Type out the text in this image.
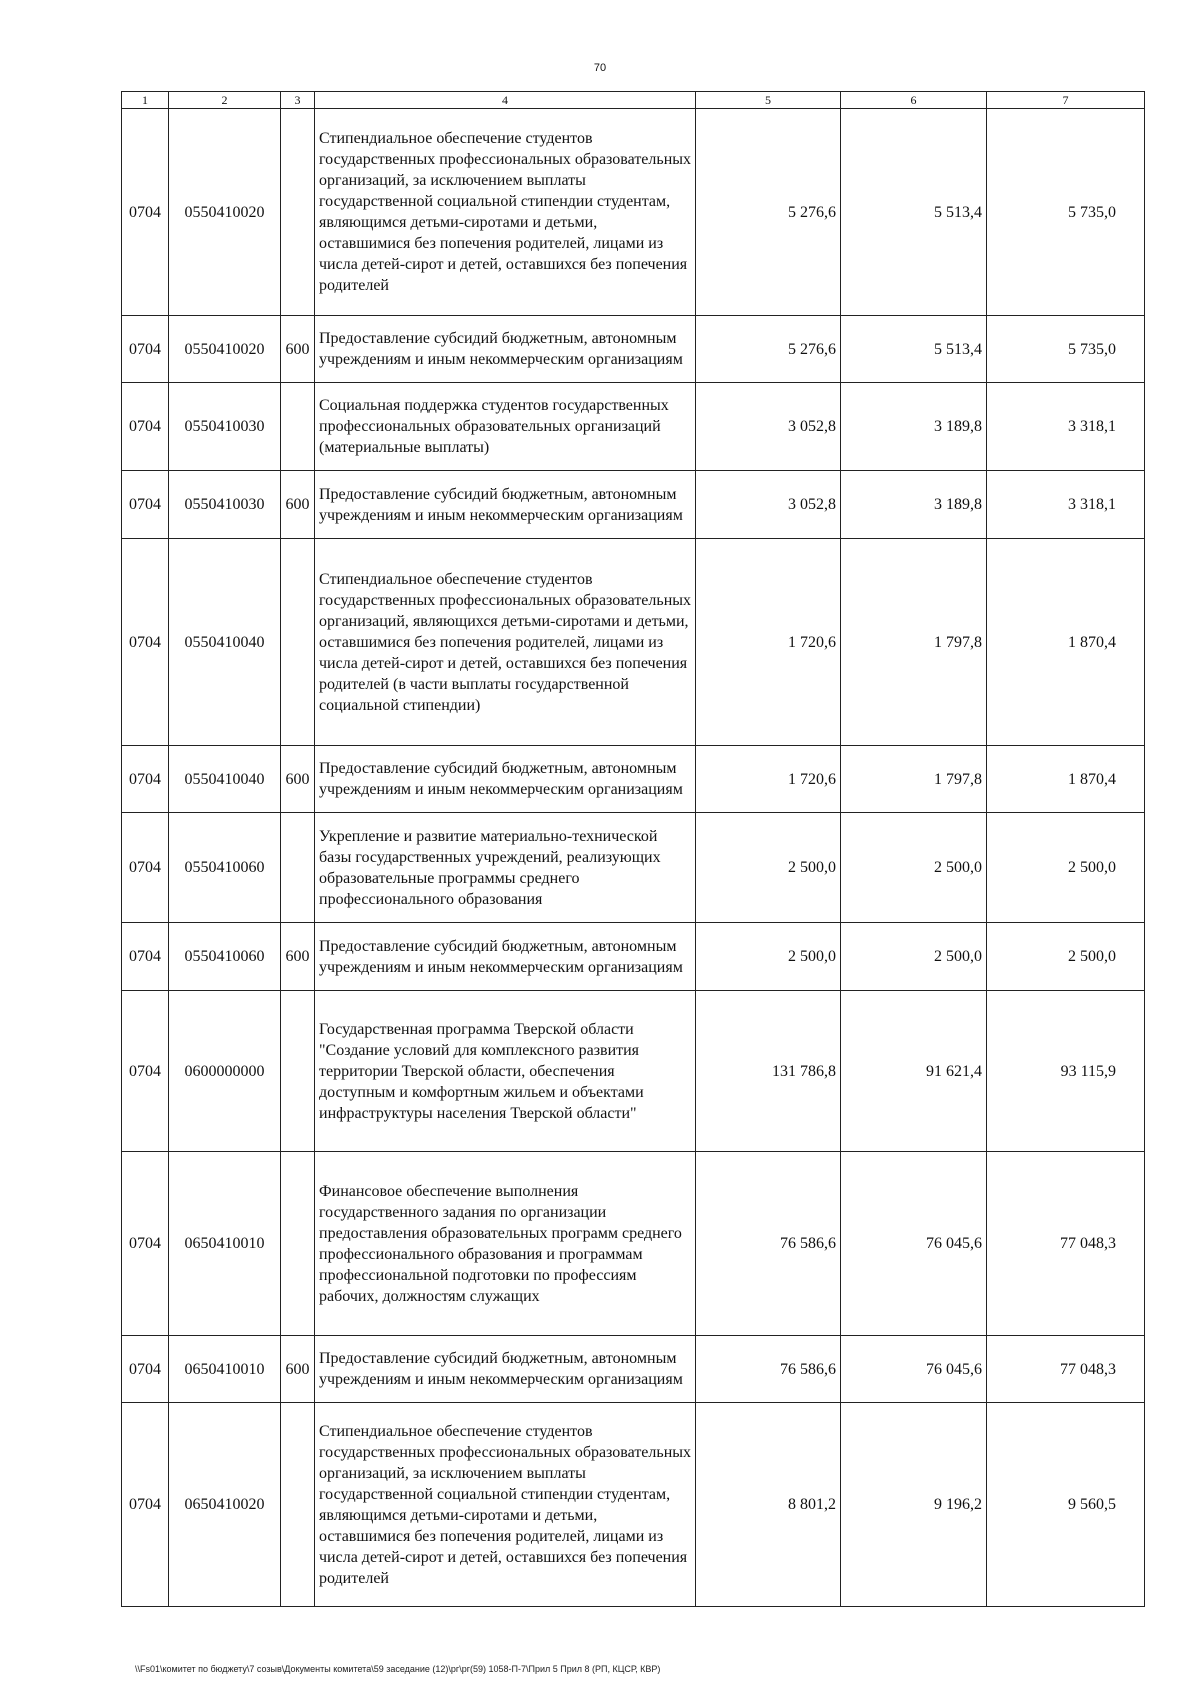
70
1	2	3	4	5	6	7
0704	0550410020		Стипендиальное обеспечение студентов государственных профессиональных образовательных организаций, за исключением выплаты государственной социальной стипендии студентам, являющимся детьми-сиротами и детьми, оставшимися без попечения родителей, лицами из числа детей-сирот и детей, оставшихся без попечения родителей	5 276,6	5 513,4	5 735,0
0704	0550410020	600	Предоставление субсидий бюджетным, автономным учреждениям и иным некоммерческим организациям	5 276,6	5 513,4	5 735,0
0704	0550410030		Социальная поддержка студентов государственных профессиональных образовательных организаций (материальные выплаты)	3 052,8	3 189,8	3 318,1
0704	0550410030	600	Предоставление субсидий бюджетным, автономным учреждениям и иным некоммерческим организациям	3 052,8	3 189,8	3 318,1
0704	0550410040		Стипендиальное обеспечение студентов государственных профессиональных образовательных организаций, являющихся детьми-сиротами и детьми, оставшимися без попечения родителей, лицами из числа детей-сирот и детей, оставшихся без попечения родителей (в части выплаты государственной социальной стипендии)	1 720,6	1 797,8	1 870,4
0704	0550410040	600	Предоставление субсидий бюджетным, автономным учреждениям и иным некоммерческим организациям	1 720,6	1 797,8	1 870,4
0704	0550410060		Укрепление и развитие материально-технической базы государственных учреждений, реализующих образовательные программы среднего профессионального образования	2 500,0	2 500,0	2 500,0
0704	0550410060	600	Предоставление субсидий бюджетным, автономным учреждениям и иным некоммерческим организациям	2 500,0	2 500,0	2 500,0
0704	0600000000		Государственная программа Тверской области "Создание условий для комплексного развития территории Тверской области, обеспечения доступным и комфортным жильем и объектами инфраструктуры населения Тверской области"	131 786,8	91 621,4	93 115,9
0704	0650410010		Финансовое обеспечение выполнения государственного задания по организации предоставления образовательных программ среднего профессионального образования и программам профессиональной подготовки по профессиям рабочих, должностям служащих	76 586,6	76 045,6	77 048,3
0704	0650410010	600	Предоставление субсидий бюджетным, автономным учреждениям и иным некоммерческим организациям	76 586,6	76 045,6	77 048,3
0704	0650410020		Стипендиальное обеспечение студентов государственных профессиональных образовательных организаций, за исключением выплаты государственной социальной стипендии студентам, являющимся детьми-сиротами и детьми, оставшимися без попечения родителей, лицами из числа детей-сирот и детей, оставшихся без попечения родителей	8 801,2	9 196,2	9 560,5
\\Fs01\комитет по бюджету\7 созыв\Документы комитета\59 заседание (12)\рг\рг(59) 1058-П-7\Прил 5 Прил 8 (РП, КЦСР, КВР)
